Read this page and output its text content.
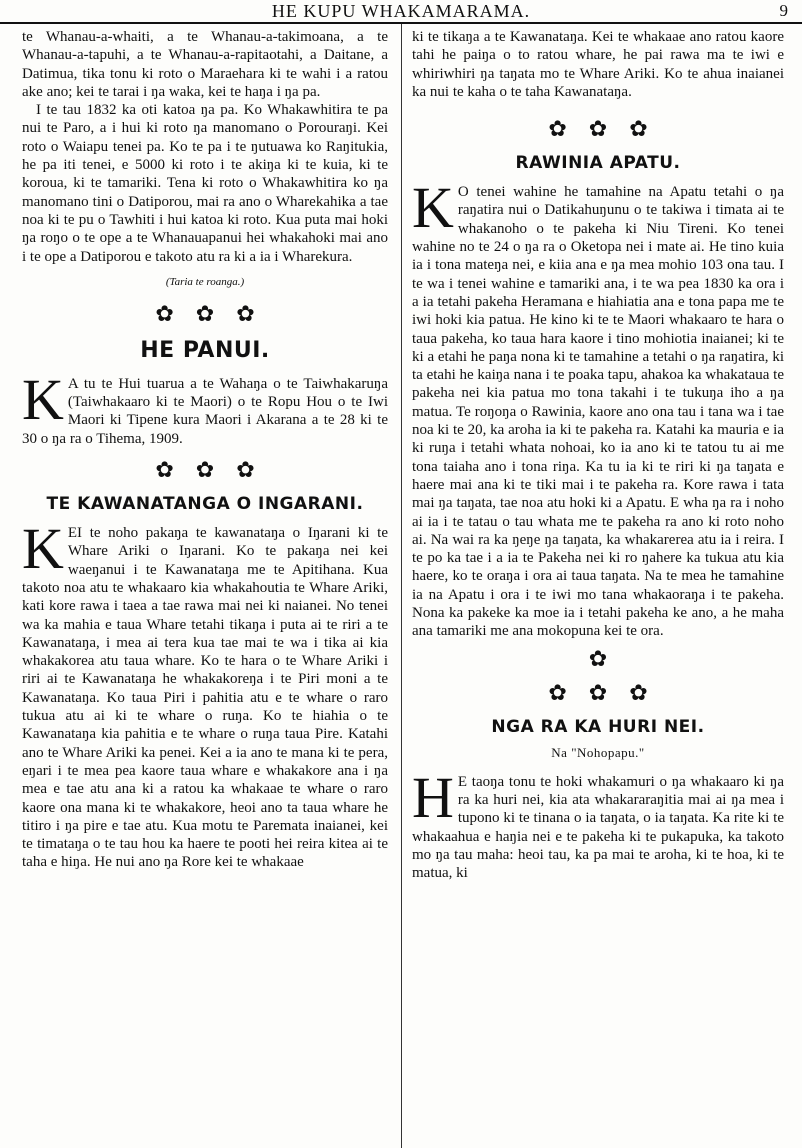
HE KUPU WHAKAMARAMA.	9

te Whanau-a-whaiti, a te Whanau-a-takimoana, a te Whanau-a-tapuhi, a te Whanau-a-rapitaotahi, a Daitane, a Datimua, tika tonu ki roto o Maraehara ki te wahi i a ratou ake ano; kei te tarai i ŋa waka, kei te haŋa i ŋa pa.

I te tau 1832 ka oti katoa ŋa pa. Ko Whakawhitira te pa nui te Paro, a i hui ki roto ŋa manomano o Porouraŋi. Kei roto o Waiapu tenei pa. Ko te pa i te ŋutuawa ko Raŋitukia, he pa iti tenei, e 5000 ki roto i te akiŋa ki te kuia, ki te koroua, ki te tamariki. Tena ki roto o Whakawhitira ko ŋa manomano tini o Datiporou, mai ra ano o Wharekahika a tae noa ki te pu o Tawhiti i hui katoa ki roto. Kua puta mai hoki ŋa roŋo o te ope a te Whanauapanui hei whakahoki mai ano i te ope a Datiporou e takoto atu ra ki a ia i Wharekura.

(Taria te roanga.)
✿ ✿ ✿
HE PANUI.

K A tu te Hui tuarua a te Wahaŋa o te Taiwhakaruŋa (Taiwhakaaro ki te Maori) o te Ropu Hou o te Iwi Maori ki Tipene kura Maori i Akarana a te 28 ki te 30 o ŋa ra o Tihema, 1909.

✿ ✿ ✿
TE KAWANATANGA O INGARANI.

KEI te noho pakaŋa te kawanataŋa o Iŋarani ki te Whare Ariki o Iŋarani. Ko te pakaŋa nei kei waeŋanui i te Kawanataŋa me te Apitihana. Kua takoto noa atu te whakaaro kia whakahoutia te Whare Ariki, kati kore rawa i taea a tae rawa mai nei ki naianei. No tenei wa ka mahia e taua Whare tetahi tikaŋa i puta ai te riri a te Kawanataŋa, i mea ai tera kua tae mai te wa i tika ai kia whakakorea atu taua whare. Ko te hara o te Whare Ariki i riri ai te Kawanataŋa he whakakoreŋa i te Piri moni a te Kawanataŋa. Ko taua Piri i pahitia atu e te whare o raro tukua atu ai ki te whare o ruŋa. Ko te hiahia o te Kawanataŋa kia pahitia e te whare o ruŋa taua Pire. Katahi ano te Whare Ariki ka penei. Kei a ia ano te mana ki te pera, eŋari i te mea pea kaore taua whare e whakakore ana i ŋa mea e tae atu ana ki a ratou ka whakaae te whare o raro kaore ona mana ki te whakakore, heoi ano ta taua whare he titiro i ŋa pire e tae atu. Kua motu te Paremata inaianei, kei te timataŋa o te tau hou ka haere te pooti hei reira kitea ai te taha e hiŋa. He nui ano ŋa Rore kei te whakaae

ki te tikaŋa a te Kawanataŋa. Kei te whakaae ano ratou kaore tahi he paiŋa o to ratou whare, he pai rawa ma te iwi e whiriwhiri ŋa taŋata mo te Whare Ariki. Ko te ahua inaianei ka nui te kaha o te taha Kawanataŋa.

✿ ✿ ✿
RAWINIA APATU.

K O tenei wahine he tamahine na Apatu tetahi o ŋa raŋatira nui o Datikahuŋunu o te takiwa i timata ai te whakanoho o te pakeha ki Niu Tireni. Ko tenei wahine no te 24 o ŋa ra o Oketopa nei i mate ai. He tino kuia ia i tona mateŋa nei, e kiia ana e ŋa mea mohio 103 ona tau. I te wa i tenei wahine e tamariki ana, i te wa pea 1830 ka ora i a ia tetahi pakeha Heramana e hiahiatia ana e tona papa me te iwi hoki kia patua. He kino ki te te Maori whakaaro te hara o taua pakeha, ko taua hara kaore i tino mohiotia inaianei; ki te ki a etahi he paŋa nona ki te tamahine a tetahi o ŋa raŋatira, ki ta etahi he kaiŋa nana i te poaka tapu, ahakoa ka whakataua te pakeha nei kia patua mo tona takahi i te tukuŋa iho a ŋa matua. Te roŋoŋa o Rawinia, kaore ano ona tau i tana wa i tae noa ki te 20, ka aroha ia ki te pakeha ra. Katahi ka mauria e ia ki ruŋa i tetahi whata nohoai, ko ia ano ki te tatou tu ai me tona taiaha ano i tona riŋa. Ka tu ia ki te riri ki ŋa taŋata e haere mai ana ki te tiki mai i te pakeha ra. Kore rawa i tata mai ŋa taŋata, tae noa atu hoki ki a Apatu. E wha ŋa ra i noho ai ia i te tatau o tau whata me te pakeha ra ano ki roto noho ai. Na wai ra ka ŋeŋe ŋa taŋata, ka whakarerea atu ia i reira. I te po ka tae i a ia te Pakeha nei ki ro ŋahere ka tukua atu kia haere, ko te oraŋa i ora ai taua taŋata. Na te mea he tamahine ia na Apatu i ora i te iwi mo tana whakaoraŋa i te pakeha. Nona ka pakeke ka moe ia i tetahi pakeha ke ano, a he maha ana tamariki me ana mokopuna kei te ora.

✿
✿ ✿ ✿
NGA RA KA HURI NEI.
Na "Nohopapu."

H E taoŋa tonu te hoki whakamuri o ŋa whakaaro ki ŋa ra ka huri nei, kia ata whakararaŋitia mai ai ŋa mea i tupono ki te tinana o ia taŋata, o ia taŋata. Ka rite ki te whakaahua e haŋia nei e te pakeha ki te pukapuka, ka takoto mo ŋa tau maha: heoi tau, ka pa mai te aroha, ki te hoa, ki te matua, ki
